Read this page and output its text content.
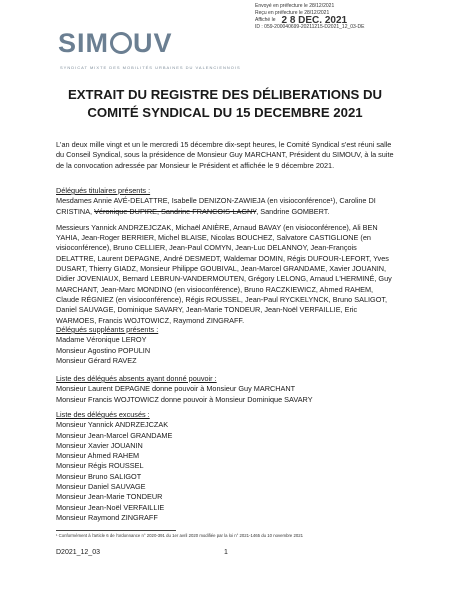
SIM UV
SYNDICAT MIXTE DES MOBILITÉS URBAINES DU VALENCIENNOIS
Envoyé en préfecture le 28/12/2021
Reçu en préfecture le 28/12/2021
Affiché le 2 8 DEC. 2021
ID : 059-200040699-20211215-D2021_12_03-DE
EXTRAIT DU REGISTRE DES DÉLIBERATIONS DU
COMITÉ SYNDICAL DU 15 DECEMBRE 2021
L'an deux mille vingt et un le mercredi 15 décembre dix-sept heures, le Comité Syndical s'est réuni salle du Conseil Syndical, sous la présidence de Monsieur Guy MARCHANT, Président du SIMOUV, à la suite de la convocation adressée par Monsieur le Président et affichée le 9 décembre 2021.
Délégués titulaires présents :
Mesdames Annie AVÉ-DELATTRE, Isabelle DENIZON-ZAWIEJA (en visioconférence¹), Caroline DI CRISTINA, Véronique DUPIRE, Sandrine FRANCOIS-LAGNY, Sandrine GOMBERT.
Messieurs Yannick ANDRZEJCZAK, Michaël ANIÈRE, Arnaud BAVAY (en visioconférence), Ali BEN YAHIA, Jean-Roger BERRIER, Michel BLAISE, Nicolas BOUCHEZ, Salvatore CASTIGLIONE (en visioconférence), Bruno CELLIER, Jean-Paul COMYN, Jean-Luc DELANNOY, Jean-François DELATTRE, Laurent DEPAGNE, André DESMEDT, Waldemar DOMIN, Régis DUFOUR-LEFORT, Yves DUSART, Thierry GIADZ, Monsieur Philippe GOUBIVAL, Jean-Marcel GRANDAME, Xavier JOUANIN, Didier JOVENIAUX, Bernard LEBRUN-VANDERMOUTEN, Grégory LELONG, Arnaud L'HERMINÉ, Guy MARCHANT, Jean-Marc MONDINO (en visioconférence), Bruno RACZKIEWICZ, Ahmed RAHEM, Claude RÉGNIEZ (en visioconférence), Régis ROUSSEL, Jean-Paul RYCKELYNCK, Bruno SALIGOT, Daniel SAUVAGE, Dominique SAVARY, Jean-Marie TONDEUR, Jean-Noël VERFAILLIE, Eric WARMOES, Francis WOJTOWICZ, Raymond ZINGRAFF.
Délégués suppléants présents :
Madame Véronique LEROY
Monsieur Agostino POPULIN
Monsieur Gérard RAVEZ
Liste des délégués absents ayant donné pouvoir :
Monsieur Laurent DEPAGNE donne pouvoir à Monsieur Guy MARCHANT
Monsieur Francis WOJTOWICZ donne pouvoir à Monsieur Dominique SAVARY
Liste des délégués excusés :
Monsieur Yannick ANDRZEJCZAK
Monsieur Jean-Marcel GRANDAME
Monsieur Xavier JOUANIN
Monsieur Ahmed RAHEM
Monsieur Régis ROUSSEL
Monsieur Bruno SALIGOT
Monsieur Daniel SAUVAGE
Monsieur Jean-Marie TONDEUR
Monsieur Jean-Noël VERFAILLIE
Monsieur Raymond ZINGRAFF
¹ Conformément à l'article 6 de l'ordonnance n° 2020-391 du 1er avril 2020 modifiée par la loi n° 2021-1465 du 10 novembre 2021
D2021_12_03	1
